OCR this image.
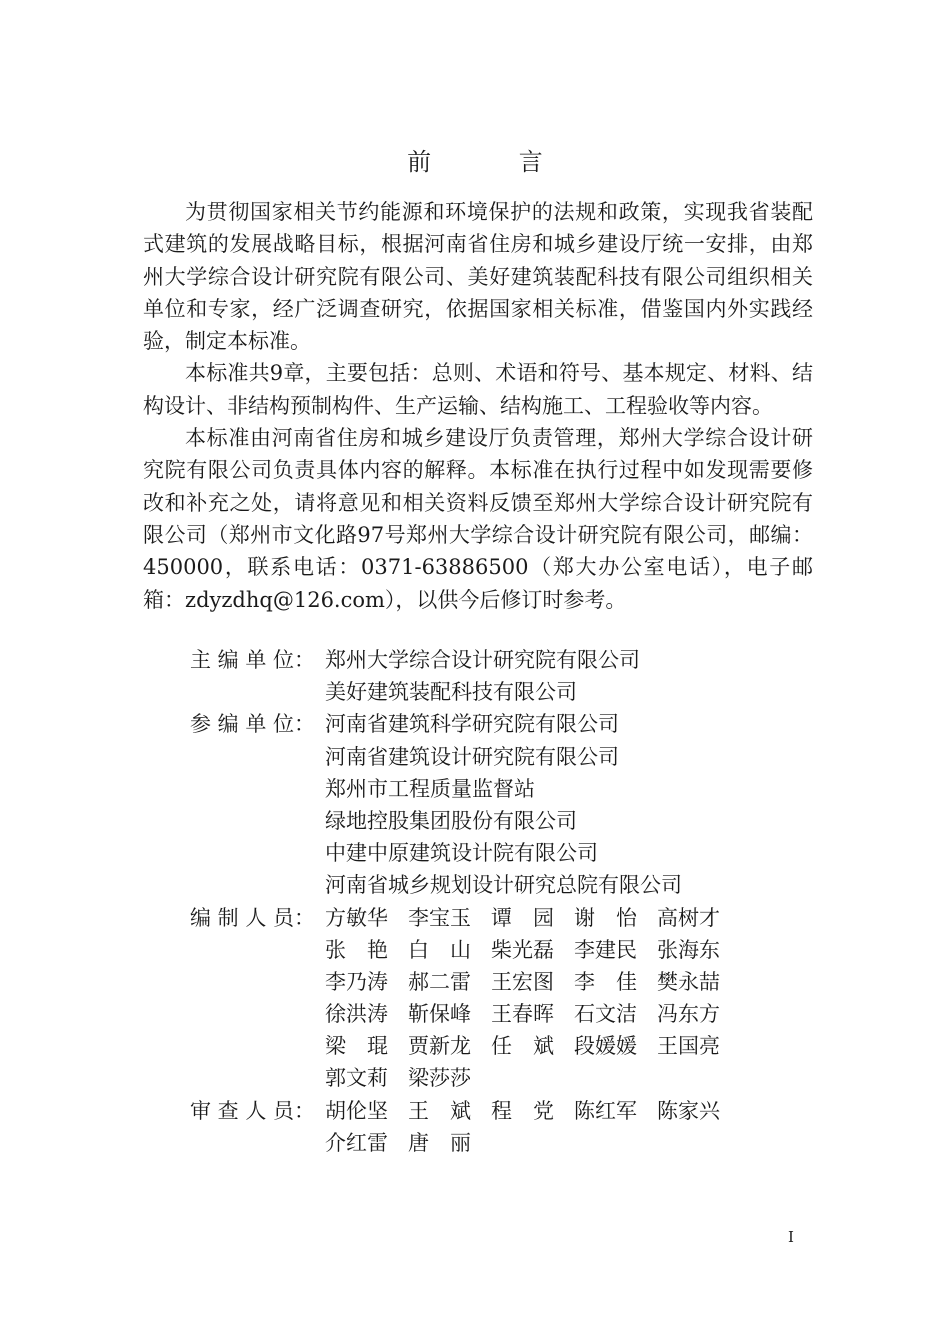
前 言

为贯彻国家相关节约能源和环境保护的法规和政策，实现我省装配式建筑的发展战略目标，根据河南省住房和城乡建设厅统一安排，由郑州大学综合设计研究院有限公司、美好建筑装配科技有限公司组织相关单位和专家，经广泛调查研究，依据国家相关标准，借鉴国内外实践经验，制定本标准。

本标准共9章，主要包括：总则、术语和符号、基本规定、材料、结构设计、非结构预制构件、生产运输、结构施工、工程验收等内容。

本标准由河南省住房和城乡建设厅负责管理，郑州大学综合设计研究院有限公司负责具体内容的解释。本标准在执行过程中如发现需要修改和补充之处，请将意见和相关资料反馈至郑州大学综合设计研究院有限公司（郑州市文化路97号郑州大学综合设计研究院有限公司，邮编：450000，联系电话：0371-63886500（郑大办公室电话），电子邮箱：zdyzdhq@126.com），以供今后修订时参考。

主 编 单 位： 郑州大学综合设计研究院有限公司
美好建筑装配科技有限公司
参 编 单 位： 河南省建筑科学研究院有限公司
河南省建筑设计研究院有限公司
郑州市工程质量监督站
绿地控股集团股份有限公司
中建中原建筑设计院有限公司
河南省城乡规划设计研究总院有限公司
编 制 人 员： 方敏华 李宝玉 谭　园 谢　怡 高树才
张　艳 白　山 柴光磊 李建民 张海东
李乃涛 郝二雷 王宏图 李　佳 樊永喆
徐洪涛 靳保峰 王春晖 石文洁 冯东方
梁　琨 贾新龙 任　斌 段媛媛 王国亮
郭文莉 梁莎莎
审 查 人 员： 胡伦坚 王　斌 程　党 陈红军 陈家兴
介红雷 唐　丽
I
